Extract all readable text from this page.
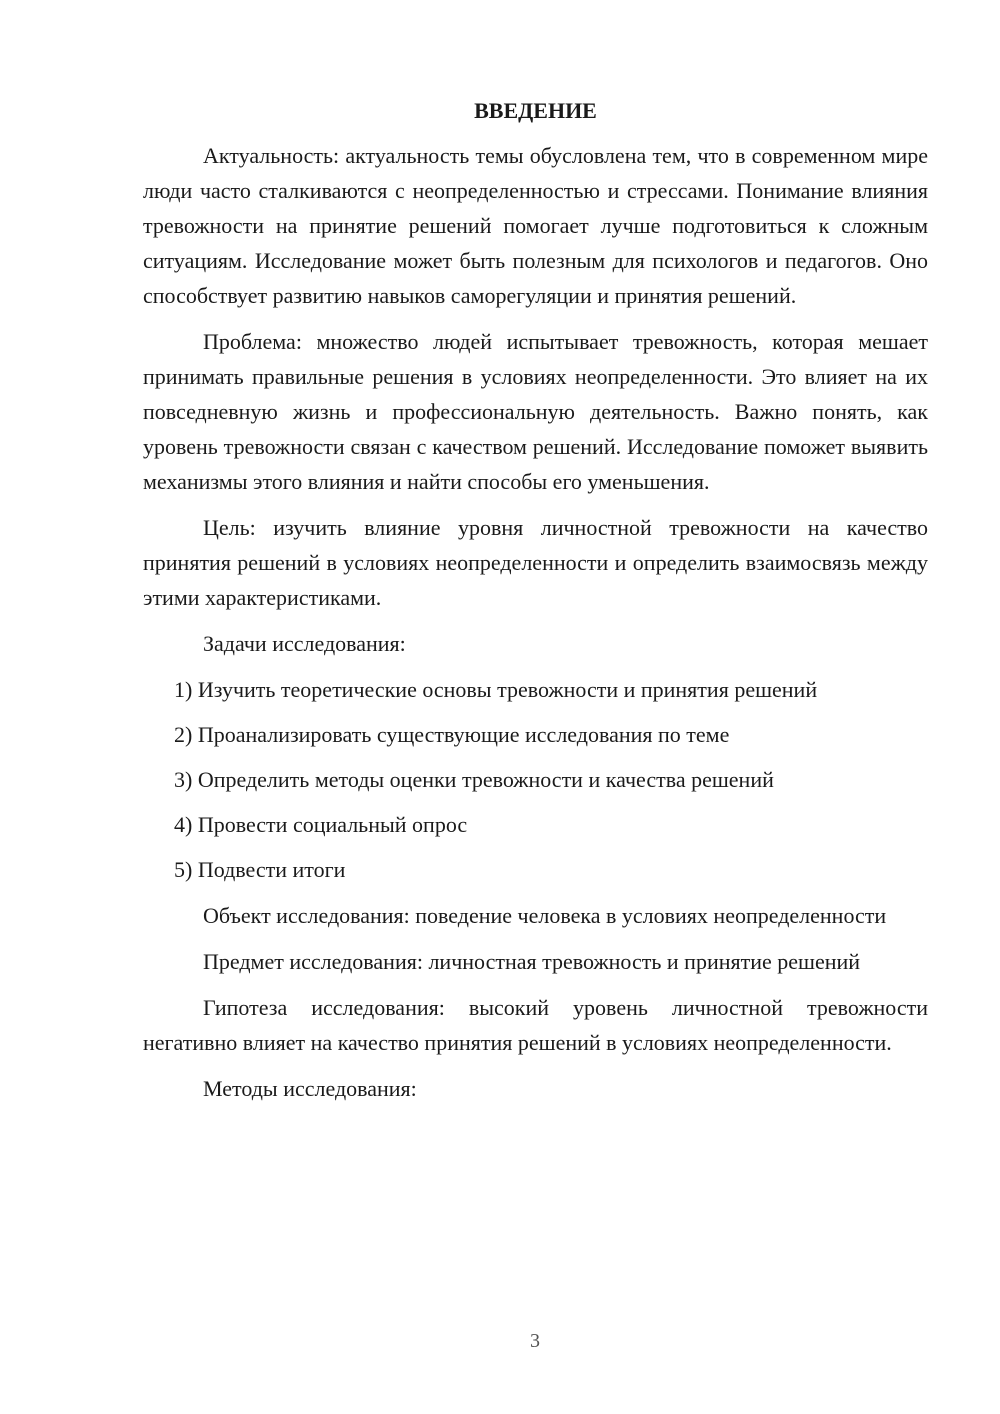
ВВЕДЕНИЕ

Актуальность: актуальность темы обусловлена тем, что в современном мире люди часто сталкиваются с неопределенностью и стрессами. Понимание влияния тревожности на принятие решений помогает лучше подготовиться к сложным ситуациям. Исследование может быть полезным для психологов и педагогов. Оно способствует развитию навыков саморегуляции и принятия решений.

Проблема: множество людей испытывает тревожность, которая мешает принимать правильные решения в условиях неопределенности. Это влияет на их повседневную жизнь и профессиональную деятельность. Важно понять, как уровень тревожности связан с качеством решений. Исследование поможет выявить механизмы этого влияния и найти способы его уменьшения.

Цель: изучить влияние уровня личностной тревожности на качество принятия решений в условиях неопределенности и определить взаимосвязь между этими характеристиками.

Задачи исследования:

1) Изучить теоретические основы тревожности и принятия решений
2) Проанализировать существующие исследования по теме
3) Определить методы оценки тревожности и качества решений
4) Провести социальный опрос
5) Подвести итоги

Объект исследования: поведение человека в условиях неопределенности

Предмет исследования: личностная тревожность и принятие решений

Гипотеза исследования: высокий уровень личностной тревожности негативно влияет на качество принятия решений в условиях неопределенности.

Методы исследования:

3
